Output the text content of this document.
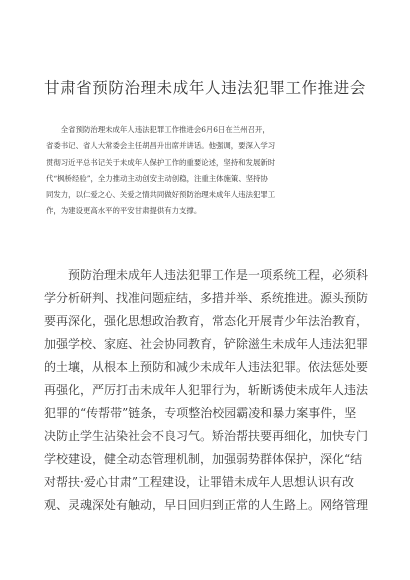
甘肃省预防治理未成年人违法犯罪工作推进会
　　全省预防治理未成年人违法犯罪工作推进会6月6日在兰州召开，
省委书记、省人大常委会主任胡昌升出席并讲话。他强调，要深入学习
贯彻习近平总书记关于未成年人保护工作的重要论述，坚持和发展新时
代“枫桥经验”，全力推动主动创安主动创稳，注重主体施策、坚持协
同发力，以仁爱之心、关爱之情共同做好预防治理未成年人违法犯罪工
作，为建设更高水平的平安甘肃提供有力支撑。
　　预防治理未成年人违法犯罪工作是一项系统工程，必须科
学分析研判、找准问题症结，多措并举、系统推进。源头预防
要再深化，强化思想政治教育，常态化开展青少年法治教育，
加强学校、家庭、社会协同教育，铲除滋生未成年人违法犯罪
的土壤，从根本上预防和减少未成年人违法犯罪。依法惩处要
再强化，严厉打击未成年人犯罪行为，斩断诱使未成年人违法
犯罪的“传帮带”链条，专项整治校园霸凌和暴力案事件，坚
决防止学生沾染社会不良习气。矫治帮扶要再细化，加快专门
学校建设，健全动态管理机制，加强弱势群体保护，深化“结
对帮扶·爱心甘肃”工程建设，让罪错未成年人思想认识有改
观、灵魂深处有触动，早日回归到正常的人生路上。网络管理
